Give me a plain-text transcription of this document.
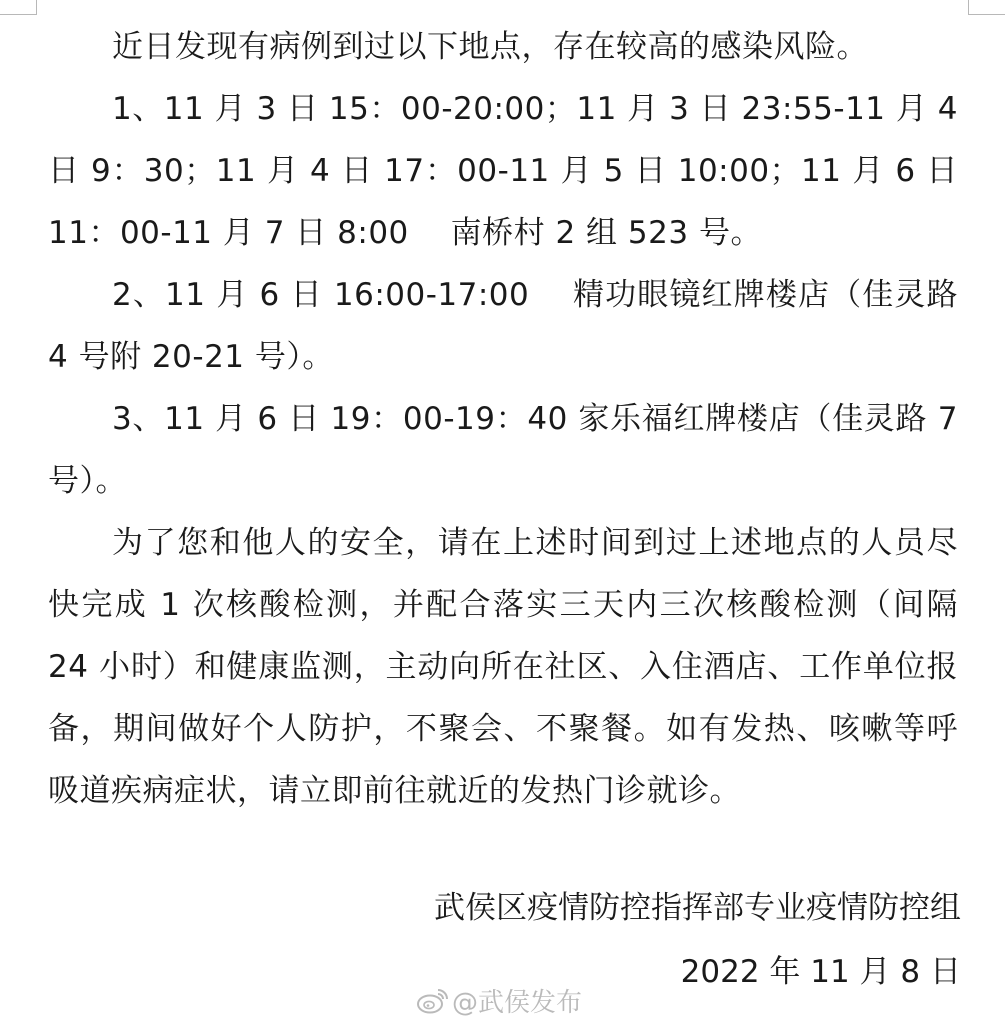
近日发现有病例到过以下地点，存在较高的感染风险。

1、11 月 3 日 15：00-20:00；11 月 3 日 23:55-11 月 4 日 9：30；11 月 4 日 17：00-11 月 5 日 10:00；11 月 6 日 11：00-11 月 7 日 8:00　 南桥村 2 组 523 号。

2、11 月 6 日 16:00-17:00　 精功眼镜红牌楼店（佳灵路 4 号附 20-21 号）。

3、11 月 6 日 19：00-19：40 家乐福红牌楼店（佳灵路 7 号）。

为了您和他人的安全，请在上述时间到过上述地点的人员尽快完成 1 次核酸检测，并配合落实三天内三次核酸检测（间隔 24 小时）和健康监测，主动向所在社区、入住酒店、工作单位报备，期间做好个人防护，不聚会、不聚餐。如有发热、咳嗽等呼吸道疾病症状，请立即前往就近的发热门诊就诊。

武侯区疫情防控指挥部专业疫情防控组
2022 年 11 月 8 日
@武侯发布
